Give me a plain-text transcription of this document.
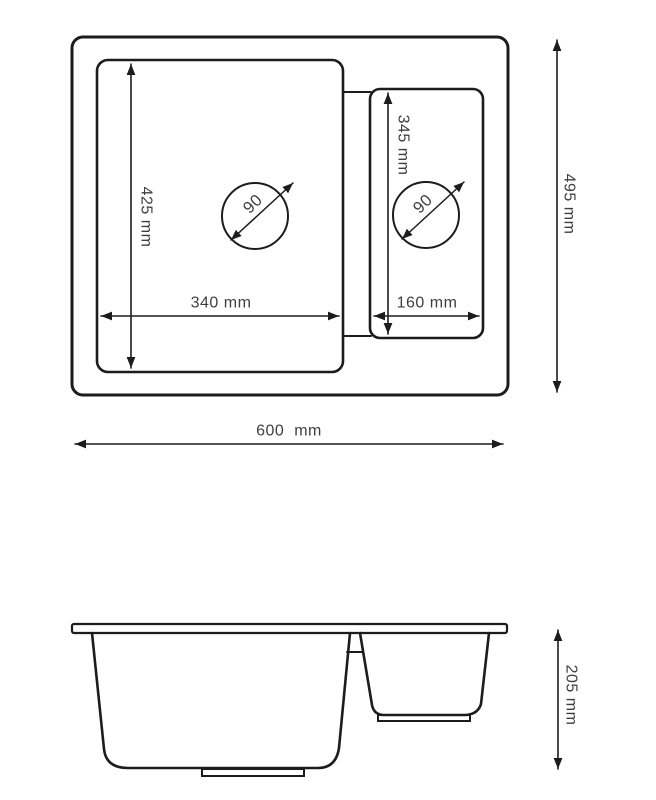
340 mm
425 mm
160 mm
345 mm
495 mm
600  mm
90	90
205 mm
